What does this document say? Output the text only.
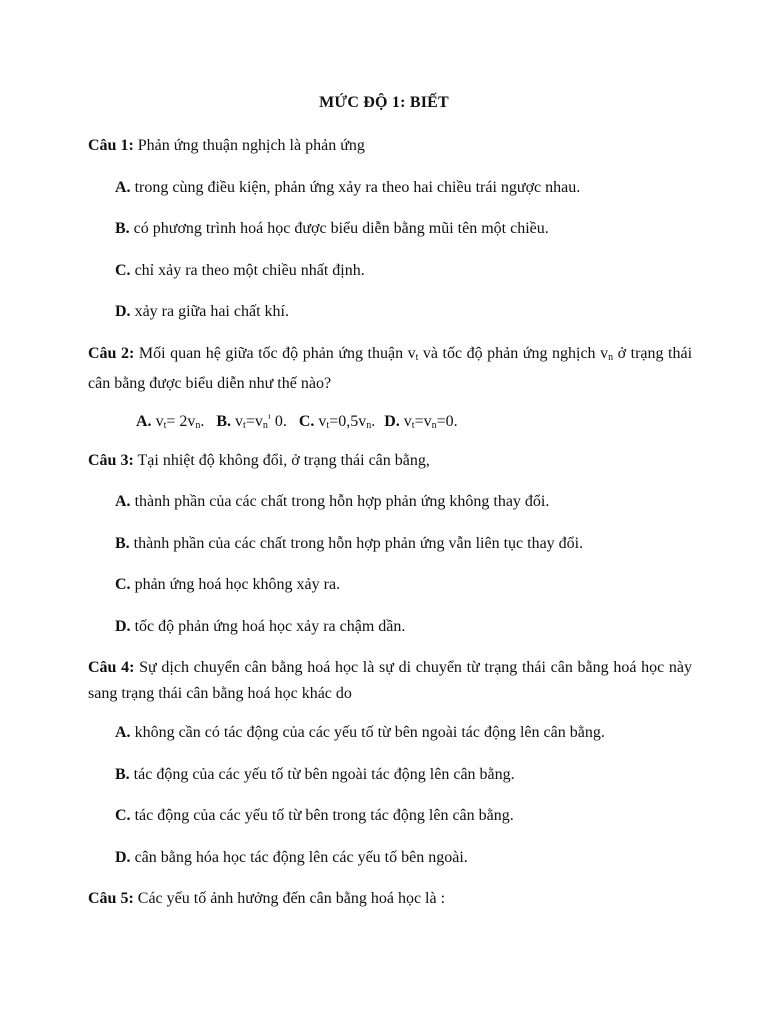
MỨC ĐỘ 1: BIẾT
Câu 1: Phản ứng thuận nghịch là phản ứng
A. trong cùng điều kiện, phản ứng xảy ra theo hai chiều trái ngược nhau.
B. có phương trình hoá học được biểu diễn bằng mũi tên một chiều.
C. chỉ xảy ra theo một chiều nhất định.
D. xảy ra giữa hai chất khí.
Câu 2: Mối quan hệ giữa tốc độ phản ứng thuận $v_t$ và tốc độ phản ứng nghịch $v_n$ ở trạng thái cân bằng được biểu diễn như thế nào?
A. $v_t= 2v_n$. B. $v_t=v_n^{^1}$ 0. C. $v_t=0,5v_n$. D. $v_t=v_n=0$.
Câu 3: Tại nhiệt độ không đổi, ở trạng thái cân bằng,
A. thành phần của các chất trong hỗn hợp phản ứng không thay đổi.
B. thành phần của các chất trong hỗn hợp phản ứng vẫn liên tục thay đổi.
C. phản ứng hoá học không xảy ra.
D. tốc độ phản ứng hoá học xảy ra chậm dần.
Câu 4: Sự dịch chuyển cân bằng hoá học là sự di chuyển từ trạng thái cân bằng hoá học này sang trạng thái cân bằng hoá học khác do
A. không cần có tác động của các yếu tố từ bên ngoài tác động lên cân bằng.
B. tác động của các yếu tố từ bên ngoài tác động lên cân bằng.
C. tác động của các yếu tố từ bên trong tác động lên cân bằng.
D. cân bằng hóa học tác động lên các yếu tố bên ngoài.
Câu 5: Các yếu tố ảnh hưởng đến cân bằng hoá học là :
